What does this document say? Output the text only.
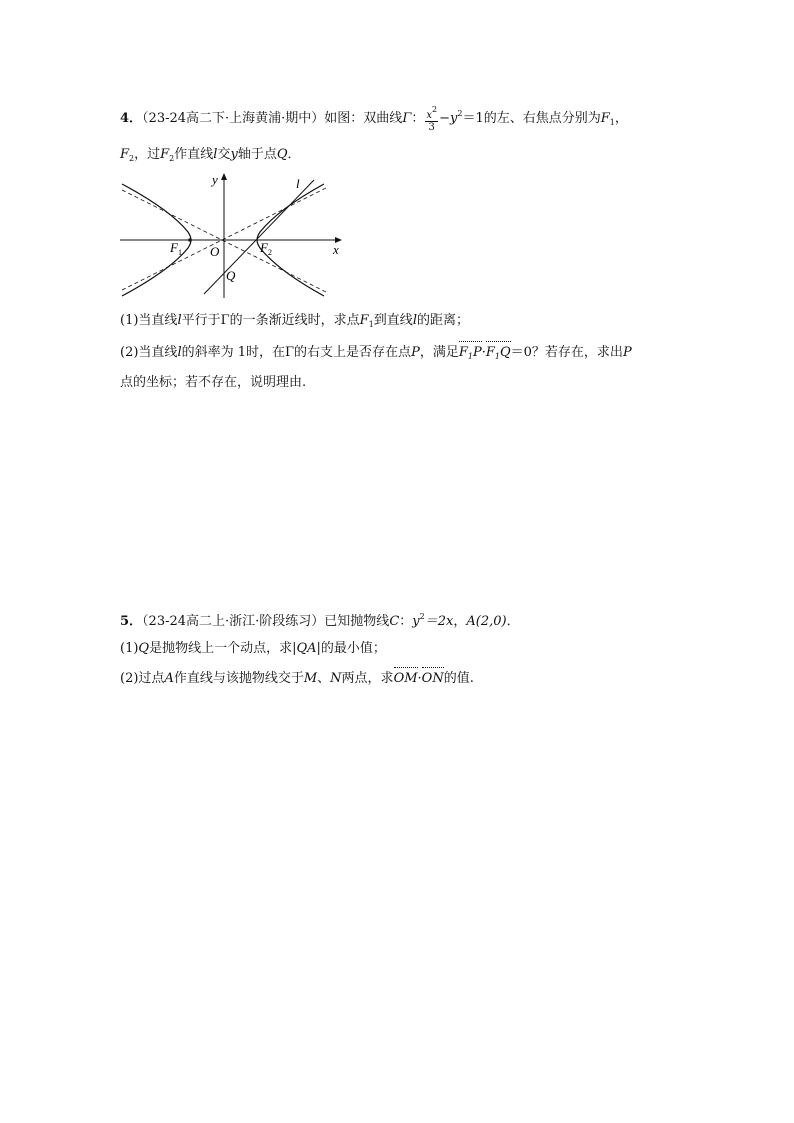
4．（23-24高二下·上海黄浦·期中）如图：双曲线Γ： $\frac{x^2}{3} -y^2=1$的左、右焦点分别为$F_1$，
$F_2$，过$F_2$作直线l交y轴于点Q．
y
x
l
O
F 1	F 2
Q
(1)当直线l平行于Γ的一条渐近线时，求点$F_1$到直线l的距离；
(2)当直线l的斜率为 1时，在Γ的右支上是否存在点P，满足$F_1P\cdot F_1Q=0$？若存在，求出P
点的坐标；若不存在，说明理由.
5．（23-24高二上·浙江·阶段练习）已知抛物线C：$y^2=2x$，A(2,0)．
(1)Q是抛物线上一个动点，求|QA|的最小值；
(2)过点A作直线与该抛物线交于M、N两点，求OM·ON的值.
